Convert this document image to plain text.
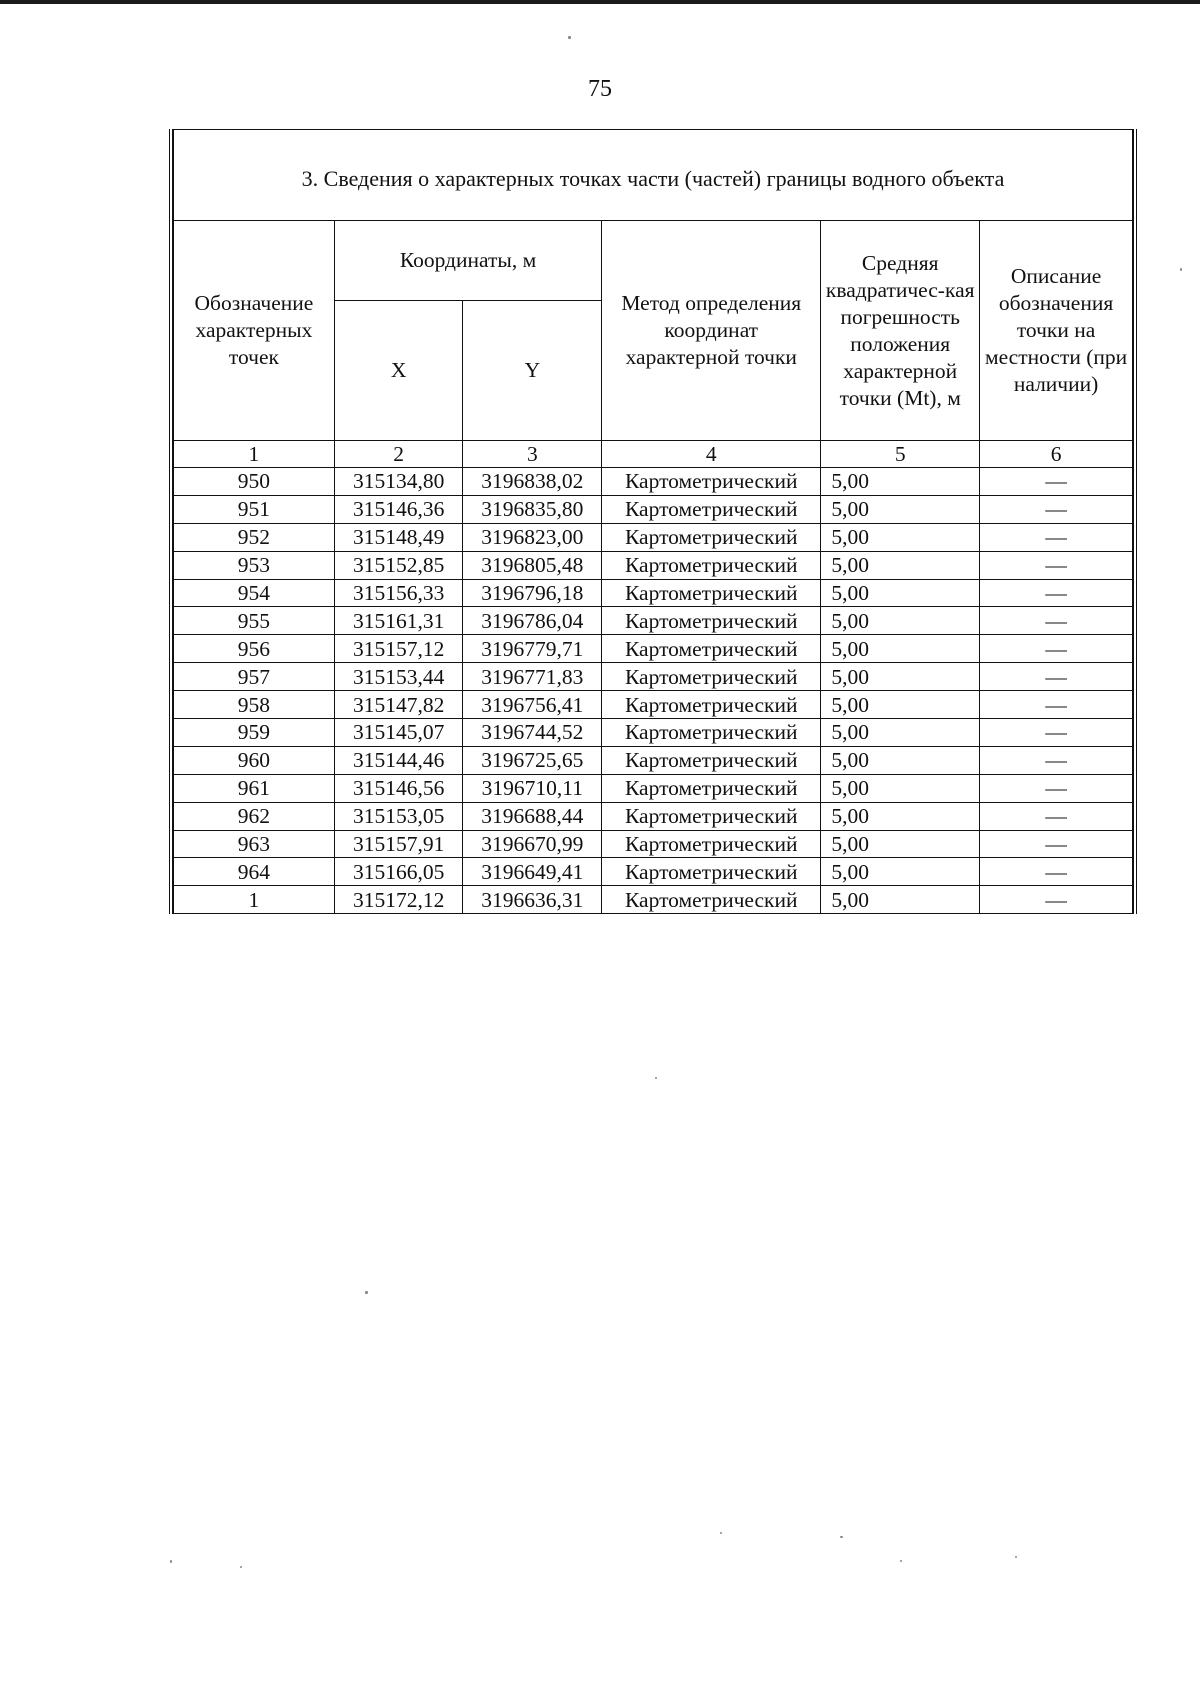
75
3. Сведения о характерных точках части (частей) границы водного объекта					
Обозначение характерных точек	Координаты, м		Метод определения координат характерной точки	Средняя квадратичес-кая погрешность положения характерной точки (Mt), м	Описание обозначения точки на местности (при наличии)
	X	Y			
1	2	3	4	5	6
950	315134,80	3196838,02	Картометрический	5,00	—
951	315146,36	3196835,80	Картометрический	5,00	—
952	315148,49	3196823,00	Картометрический	5,00	—
953	315152,85	3196805,48	Картометрический	5,00	—
954	315156,33	3196796,18	Картометрический	5,00	—
955	315161,31	3196786,04	Картометрический	5,00	—
956	315157,12	3196779,71	Картометрический	5,00	—
957	315153,44	3196771,83	Картометрический	5,00	—
958	315147,82	3196756,41	Картометрический	5,00	—
959	315145,07	3196744,52	Картометрический	5,00	—
960	315144,46	3196725,65	Картометрический	5,00	—
961	315146,56	3196710,11	Картометрический	5,00	—
962	315153,05	3196688,44	Картометрический	5,00	—
963	315157,91	3196670,99	Картометрический	5,00	—
964	315166,05	3196649,41	Картометрический	5,00	—
1	315172,12	3196636,31	Картометрический	5,00	—
